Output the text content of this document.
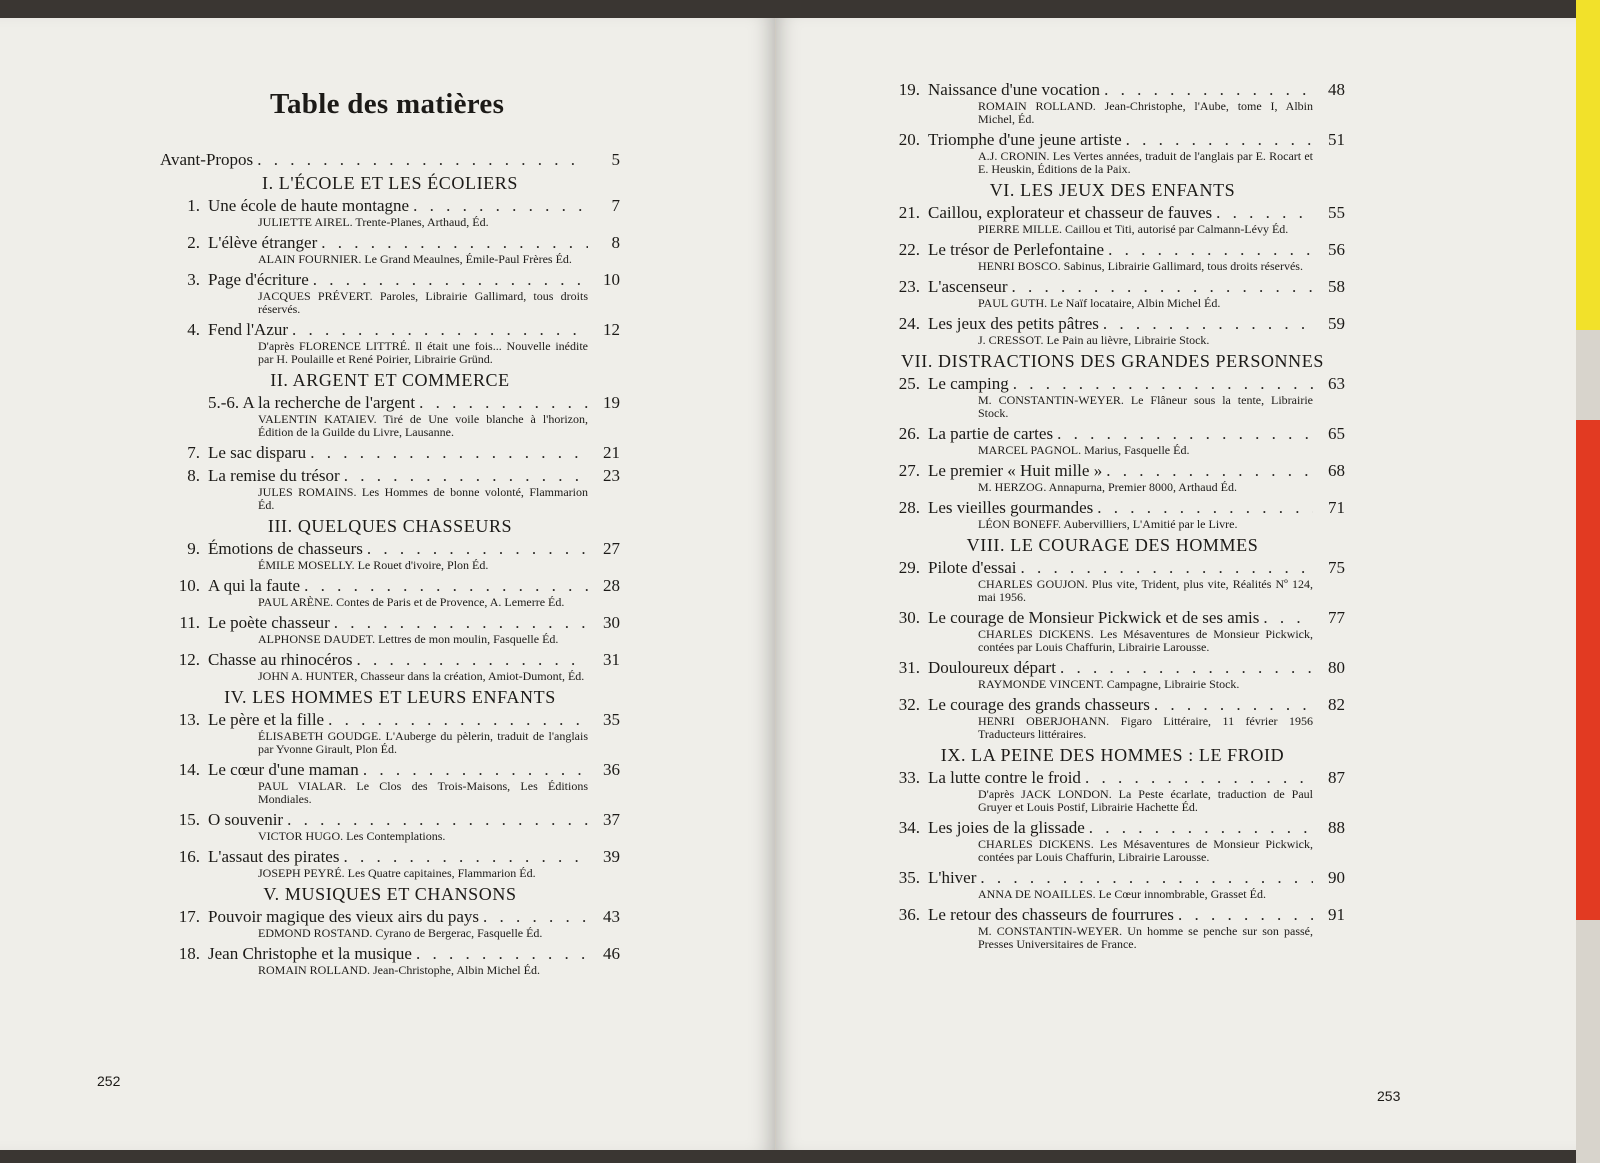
Table des matières
Avant-Propos . . .	5
I. L'ÉCOLE ET LES ÉCOLIERS
1. Une école de haute montagne . . .	7
JULIETTE AIREL. Trente-Planes, Arthaud, Éd.
2. L'élève étranger . . .	8
ALAIN FOURNIER. Le Grand Meaulnes, Émile-Paul Frères Éd.
3. Page d'écriture . . .	10
JACQUES PRÉVERT. Paroles, Librairie Gallimard, tous droits réservés.
4. Fend l'Azur . . .	12
D'après FLORENCE LITTRÉ. Il était une fois... Nouvelle inédite par H. Poulaille et René Poirier, Librairie Gründ.
II. ARGENT ET COMMERCE
5.-6. A la recherche de l'argent . . .	19
VALENTIN KATAIEV. Tiré de Une voile blanche à l'horizon, Édition de la Guilde du Livre, Lausanne.
7. Le sac disparu . . .	21
8. La remise du trésor . . .	23
JULES ROMAINS. Les Hommes de bonne volonté, Flammarion Éd.
III. QUELQUES CHASSEURS
9. Émotions de chasseurs . . .	27
ÉMILE MOSELLY. Le Rouet d'ivoire, Plon Éd.
10. A qui la faute . . .	28
PAUL ARÈNE. Contes de Paris et de Provence, A. Lemerre Éd.
11. Le poète chasseur . . .	30
ALPHONSE DAUDET. Lettres de mon moulin, Fasquelle Éd.
12. Chasse au rhinocéros . . .	31
JOHN A. HUNTER, Chasseur dans la création, Amiot-Dumont, Éd.
IV. LES HOMMES ET LEURS ENFANTS
13. Le père et la fille . . .	35
ÉLISABETH GOUDGE. L'Auberge du pèlerin, traduit de l'anglais par Yvonne Girault, Plon Éd.
14. Le cœur d'une maman . . .	36
PAUL VIALAR. Le Clos des Trois-Maisons, Les Éditions Mondiales.
15. O souvenir . . .	37
VICTOR HUGO. Les Contemplations.
16. L'assaut des pirates . . .	39
JOSEPH PEYRÉ. Les Quatre capitaines, Flammarion Éd.
V. MUSIQUES ET CHANSONS
17. Pouvoir magique des vieux airs du pays . . .	43
EDMOND ROSTAND. Cyrano de Bergerac, Fasquelle Éd.
18. Jean Christophe et la musique . . .	46
ROMAIN ROLLAND. Jean-Christophe, Albin Michel Éd.
19. Naissance d'une vocation . . .	48
ROMAIN ROLLAND. Jean-Christophe, l'Aube, tome I, Albin Michel, Éd.
20. Triomphe d'une jeune artiste . . .	51
A.J. CRONIN. Les Vertes années, traduit de l'anglais par E. Rocart et E. Heuskin, Éditions de la Paix.
VI. LES JEUX DES ENFANTS
21. Caillou, explorateur et chasseur de fauves . . .	55
PIERRE MILLE. Caillou et Titi, autorisé par Calmann-Lévy Éd.
22. Le trésor de Perlefontaine . . .	56
HENRI BOSCO. Sabinus, Librairie Gallimard, tous droits réservés.
23. L'ascenseur . . .	58
PAUL GUTH. Le Naïf locataire, Albin Michel Éd.
24. Les jeux des petits pâtres . . .	59
J. CRESSOT. Le Pain au lièvre, Librairie Stock.
VII. DISTRACTIONS DES GRANDES PERSONNES
25. Le camping . . .	63
M. CONSTANTIN-WEYER. Le Flâneur sous la tente, Librairie Stock.
26. La partie de cartes . . .	65
MARCEL PAGNOL. Marius, Fasquelle Éd.
27. Le premier « Huit mille » . . .	68
M. HERZOG. Annapurna, Premier 8000, Arthaud Éd.
28. Les vieilles gourmandes . . .	71
LÉON BONEFF. Aubervilliers, L'Amitié par le Livre.
VIII. LE COURAGE DES HOMMES
29. Pilote d'essai . . .	75
CHARLES GOUJON. Plus vite, Trident, plus vite, Réalités Nº 124, mai 1956.
30. Le courage de Monsieur Pickwick et de ses amis . . .	77
CHARLES DICKENS. Les Mésaventures de Monsieur Pickwick, contées par Louis Chaffurin, Librairie Larousse.
31. Douloureux départ . . .	80
RAYMONDE VINCENT. Campagne, Librairie Stock.
32. Le courage des grands chasseurs . . .	82
HENRI OBERJOHANN. Figaro Littéraire, 11 février 1956 Traducteurs littéraires.
IX. LA PEINE DES HOMMES : LE FROID
33. La lutte contre le froid . . .	87
D'après JACK LONDON. La Peste écarlate, traduction de Paul Gruyer et Louis Postif, Librairie Hachette Éd.
34. Les joies de la glissade . . .	88
CHARLES DICKENS. Les Mésaventures de Monsieur Pickwick, contées par Louis Chaffurin, Librairie Larousse.
35. L'hiver . . .	90
ANNA DE NOAILLES. Le Cœur innombrable, Grasset Éd.
36. Le retour des chasseurs de fourrures . . .	91
M. CONSTANTIN-WEYER. Un homme se penche sur son passé, Presses Universitaires de France.
252
253
